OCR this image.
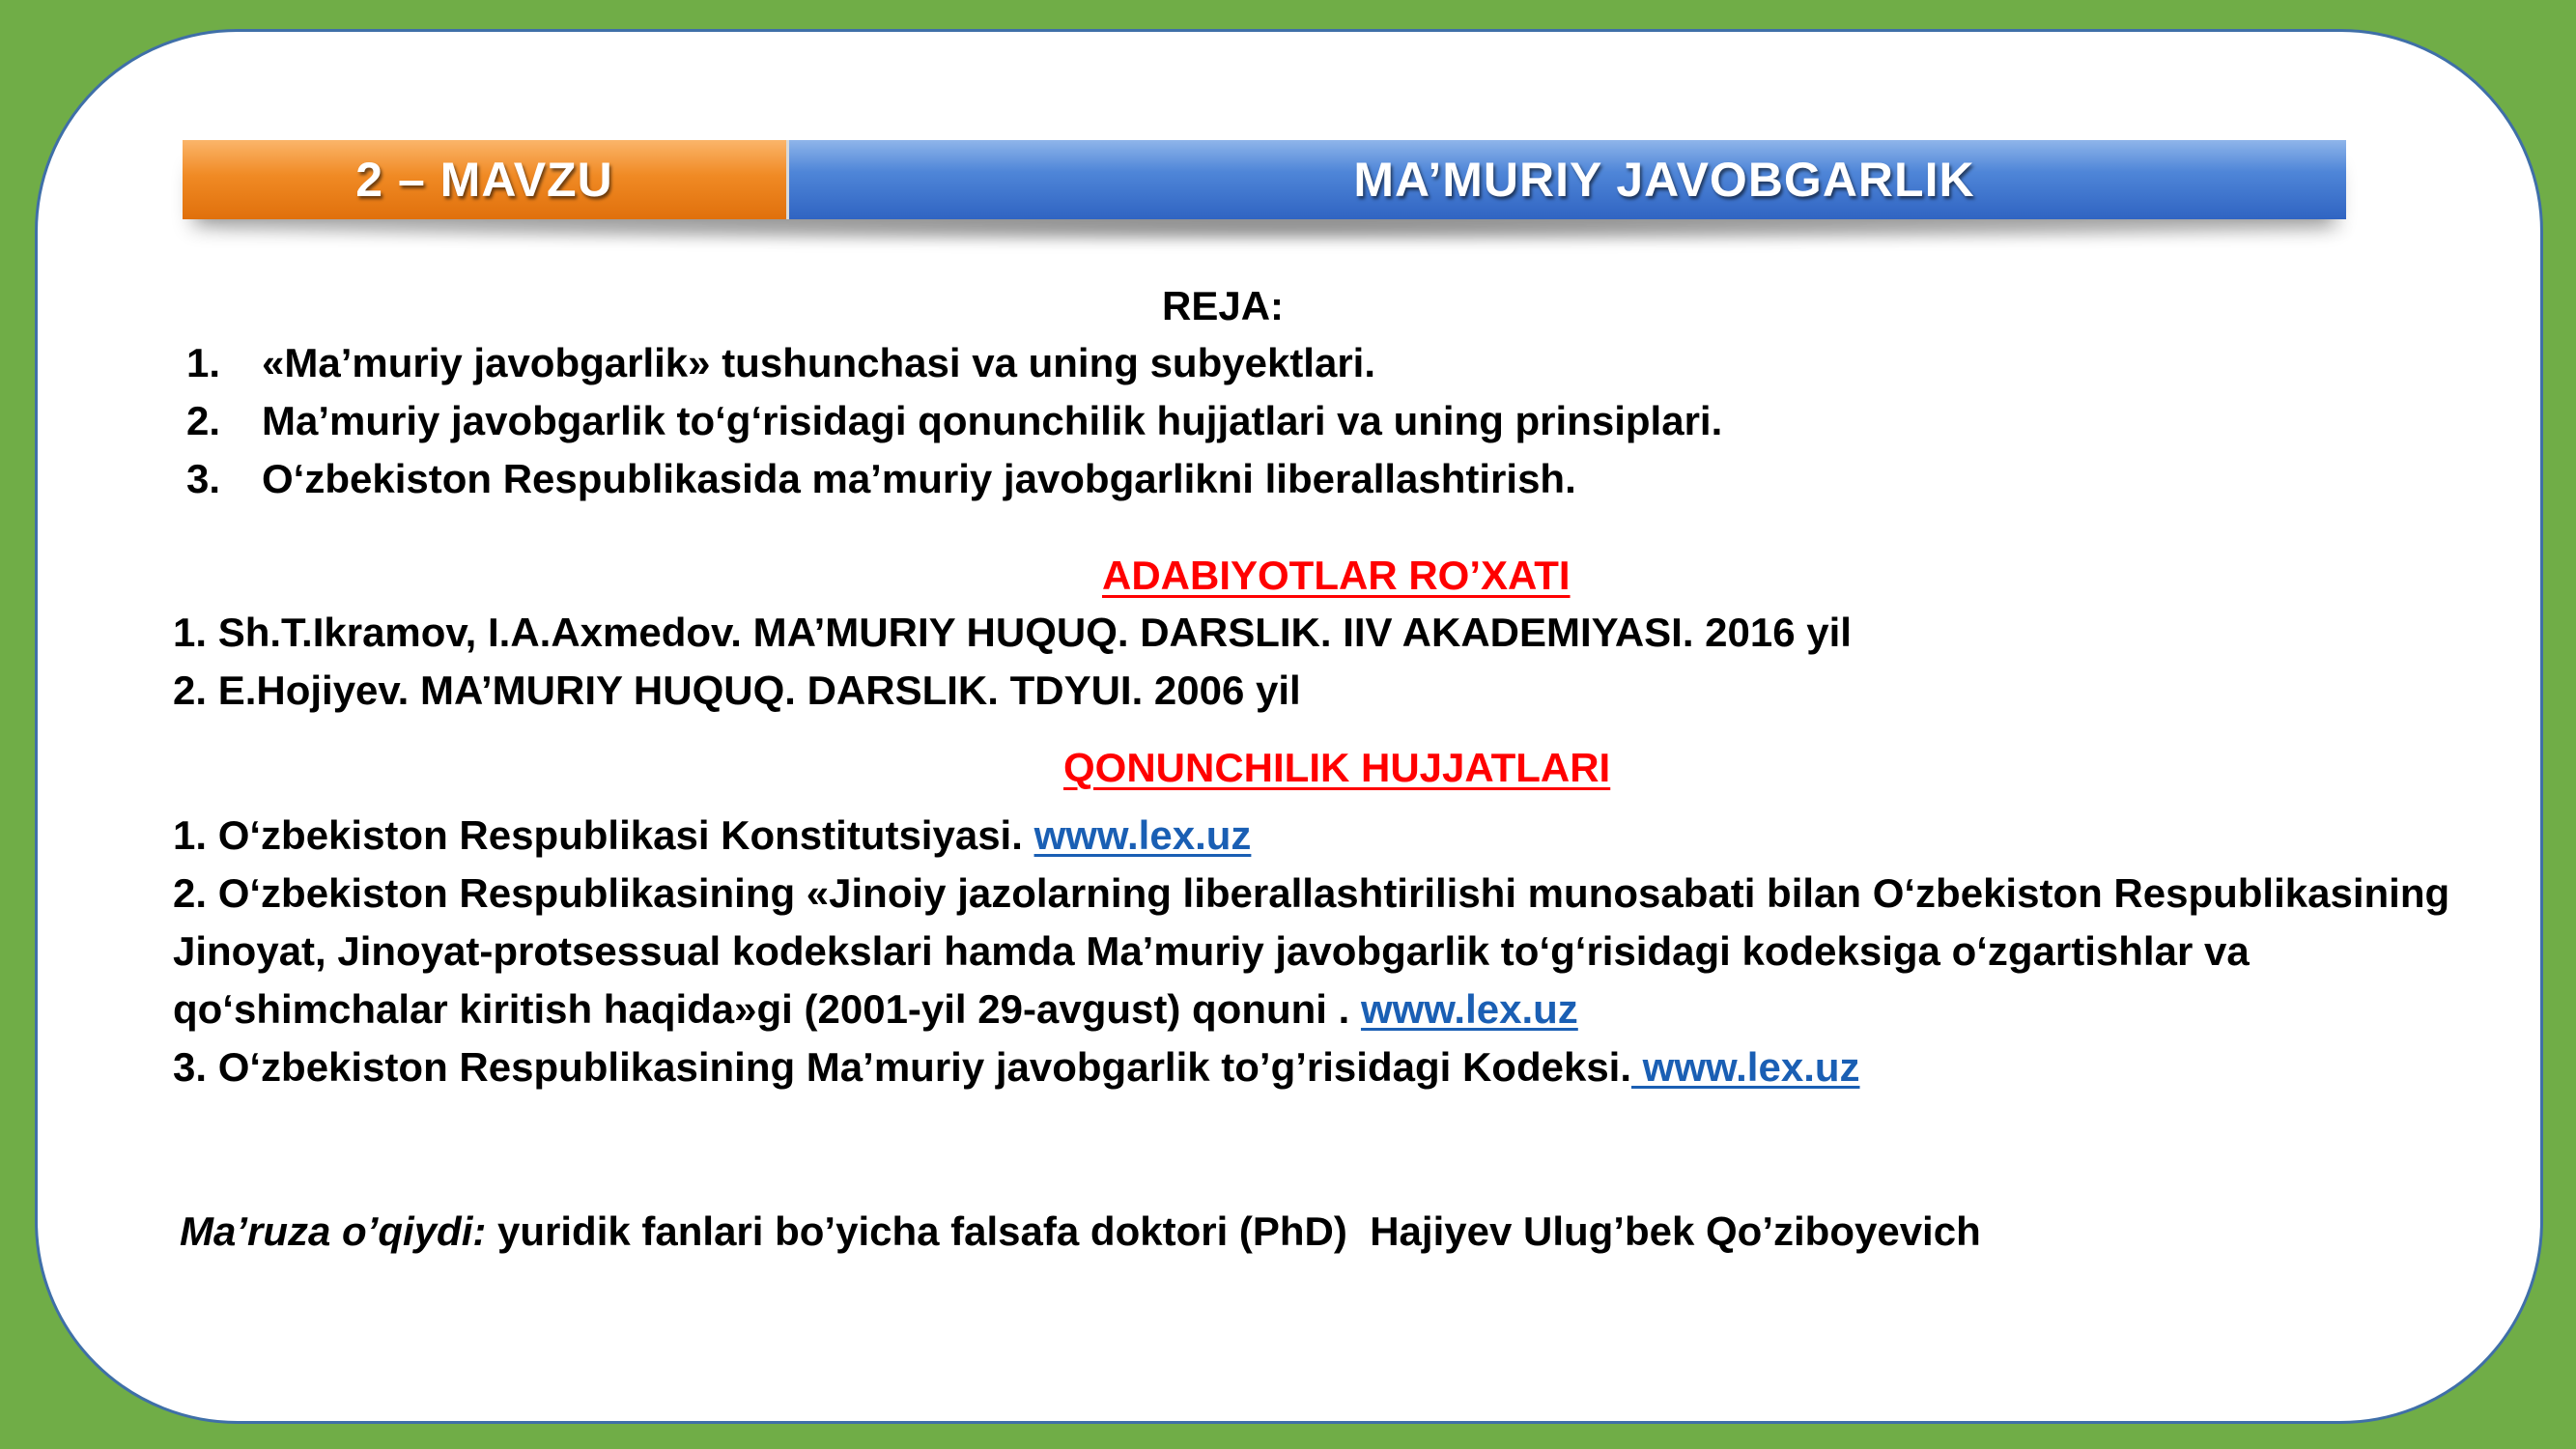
2 – MAVZU	MA’MURIY JAVOBGARLIK
REJA:
1. «Ma’muriy javobgarlik» tushunchasi va uning subyektlari.
2. Ma’muriy javobgarlik to‘g‘risidagi qonunchilik hujjatlari va uning prinsiplari.
3. O‘zbekiston Respublikasida ma’muriy javobgarlikni liberallashtirish.
ADABIYOTLAR RO’XATI
1. Sh.T.Ikramov, I.A.Axmedov. MA’MURIY HUQUQ. DARSLIK. IIV AKADEMIYASI. 2016 yil
2. E.Hojiyev. MA’MURIY HUQUQ. DARSLIK. TDYUI. 2006 yil
QONUNCHILIK HUJJATLARI
1. O‘zbekiston Respublikasi Konstitutsiyasi. www.lex.uz
2. O‘zbekiston Respublikasining «Jinoiy jazolarning liberallashtirilishi munosabati bilan O‘zbekiston Respublikasining
Jinoyat, Jinoyat-protsessual kodekslari hamda Ma’muriy javobgarlik to‘g‘risidagi kodeksiga o‘zgartishlar va
qo‘shimchalar kiritish haqida»gi (2001-yil 29-avgust) qonuni . www.lex.uz
3. O‘zbekiston Respublikasining Ma’muriy javobgarlik to’g’risidagi Kodeksi. www.lex.uz
Ma’ruza o’qiydi: yuridik fanlari bo’yicha falsafa doktori (PhD)  Hajiyev Ulug’bek Qo’ziboyevich
